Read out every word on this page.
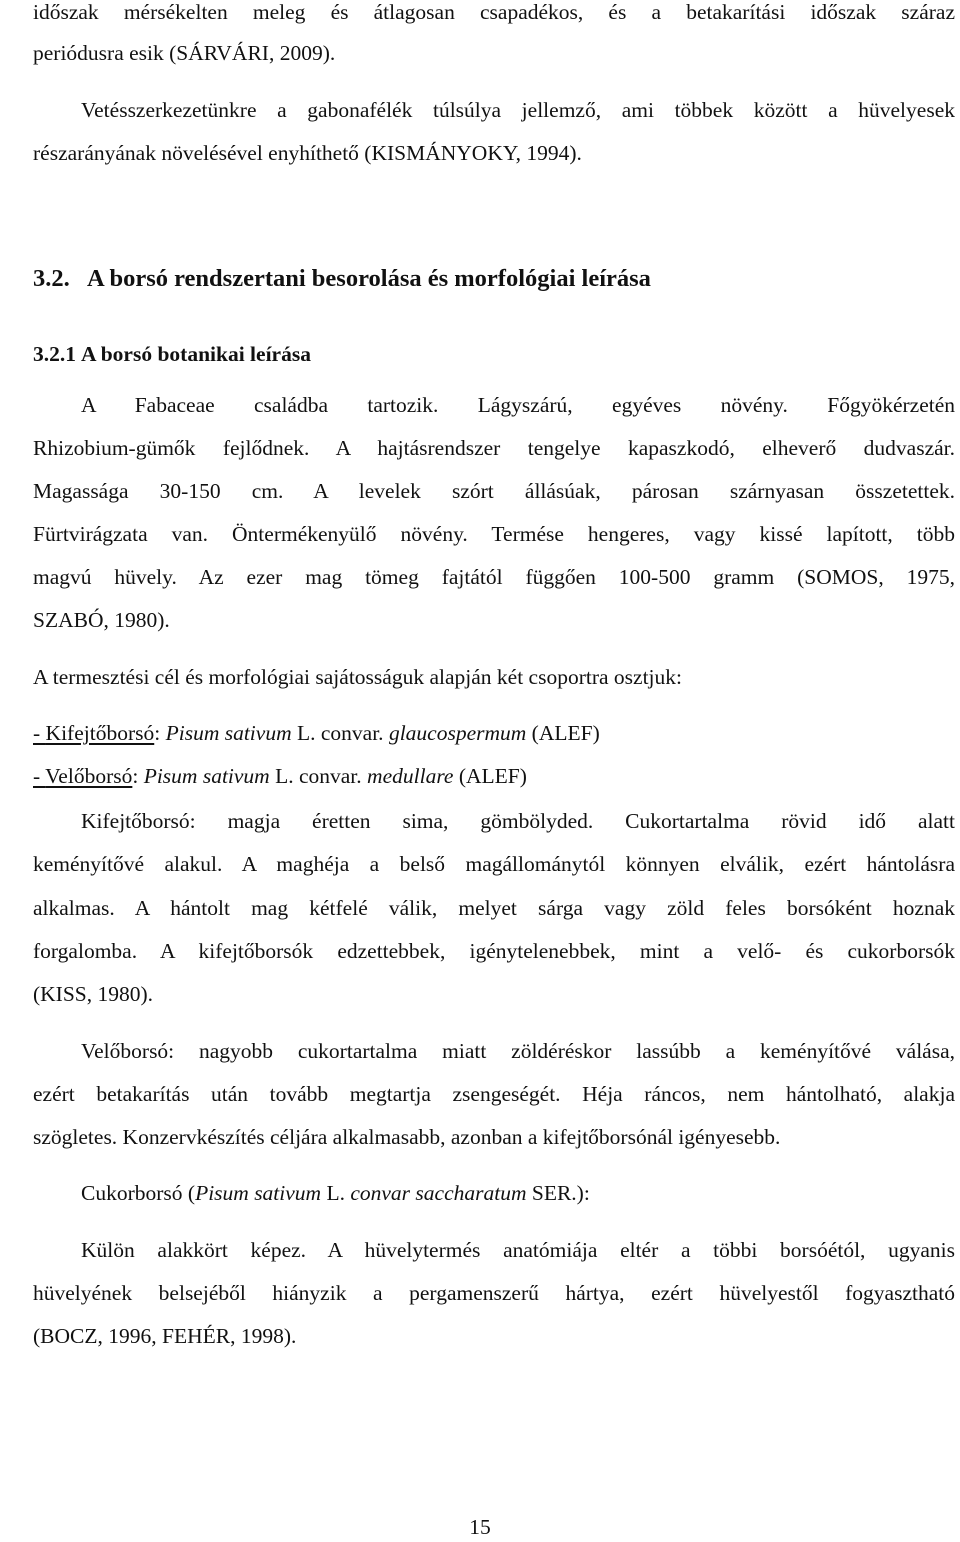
időszak mérsékelten meleg és átlagosan csapadékos, és a betakarítási időszak száraz
periódusra esik (SÁRVÁRI, 2009).
Vetésszerkezetünkre a gabonafélék túlsúlya jellemző, ami többek között a hüvelyesek
részarányának növelésével enyhíthető (KISMÁNYOKY, 1994).
3.2. A borsó rendszertani besorolása és morfológiai leírása
3.2.1 A borsó botanikai leírása
A Fabaceae családba tartozik. Lágyszárú, egyéves növény. Főgyökérzetén
Rhizobium-gümők fejlődnek. A hajtásrendszer tengelye kapaszkodó, elheverő dudvaszár.
Magassága 30-150 cm. A levelek szórt állásúak, párosan szárnyasan összetettek.
Fürtvirágzata van. Öntermékenyülő növény. Termése hengeres, vagy kissé lapított, több
magvú hüvely. Az ezer mag tömeg fajtától függően 100-500 gramm (SOMOS, 1975,
SZABÓ, 1980).
A termesztési cél és morfológiai sajátosságuk alapján két csoportra osztjuk:
- Kifejtőborsó: Pisum sativum L. convar. glaucospermum (ALEF)
- Velőborsó: Pisum sativum L. convar. medullare (ALEF)
Kifejtőborsó: magja éretten sima, gömbölyded. Cukortartalma rövid idő alatt
keményítővé alakul. A maghéja a belső magállománytól könnyen elválik, ezért hántolásra
alkalmas. A hántolt mag kétfelé válik, melyet sárga vagy zöld feles borsóként hoznak
forgalomba. A kifejtőborsók edzettebbek, igénytelenebbek, mint a velő- és cukorborsók
(KISS, 1980).
Velőborsó: nagyobb cukortartalma miatt zöldéréskor lassúbb a keményítővé válása,
ezért betakarítás után tovább megtartja zsengeségét. Héja ráncos, nem hántolható, alakja
szögletes. Konzervkészítés céljára alkalmasabb, azonban a kifejtőborsónál igényesebb.
Cukorborsó (Pisum sativum L. convar saccharatum SER.):
Külön alakkört képez. A hüvelytermés anatómiája eltér a többi borsóétól, ugyanis
hüvelyének belsejéből hiányzik a pergamenszerű hártya, ezért hüvelyestől fogyasztható
(BOCZ, 1996, FEHÉR, 1998).
15
